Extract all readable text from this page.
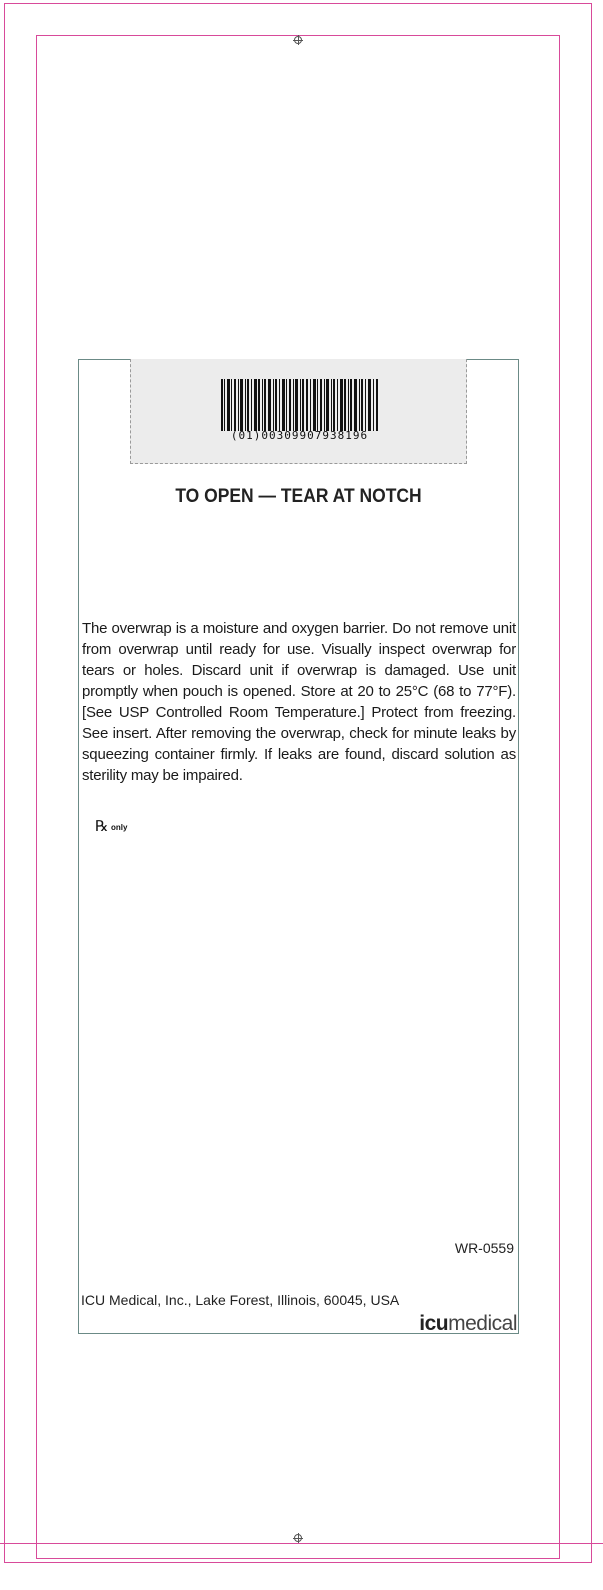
(01)00309907938196
TO OPEN — TEAR AT NOTCH
The overwrap is a moisture and oxygen barrier. Do not remove unit from overwrap until ready for use. Visually inspect overwrap for tears or holes. Discard unit if overwrap is damaged. Use unit promptly when pouch is opened. Store at 20 to 25°C (68 to 77°F). [See USP Controlled Room Temperature.] Protect from freezing. See insert. After removing the overwrap, check for minute leaks by squeezing container firmly. If leaks are found, discard solution as sterility may be impaired.
℞ only
WR-0559
ICU Medical, Inc., Lake Forest, Illinois, 60045, USA
icumedical
